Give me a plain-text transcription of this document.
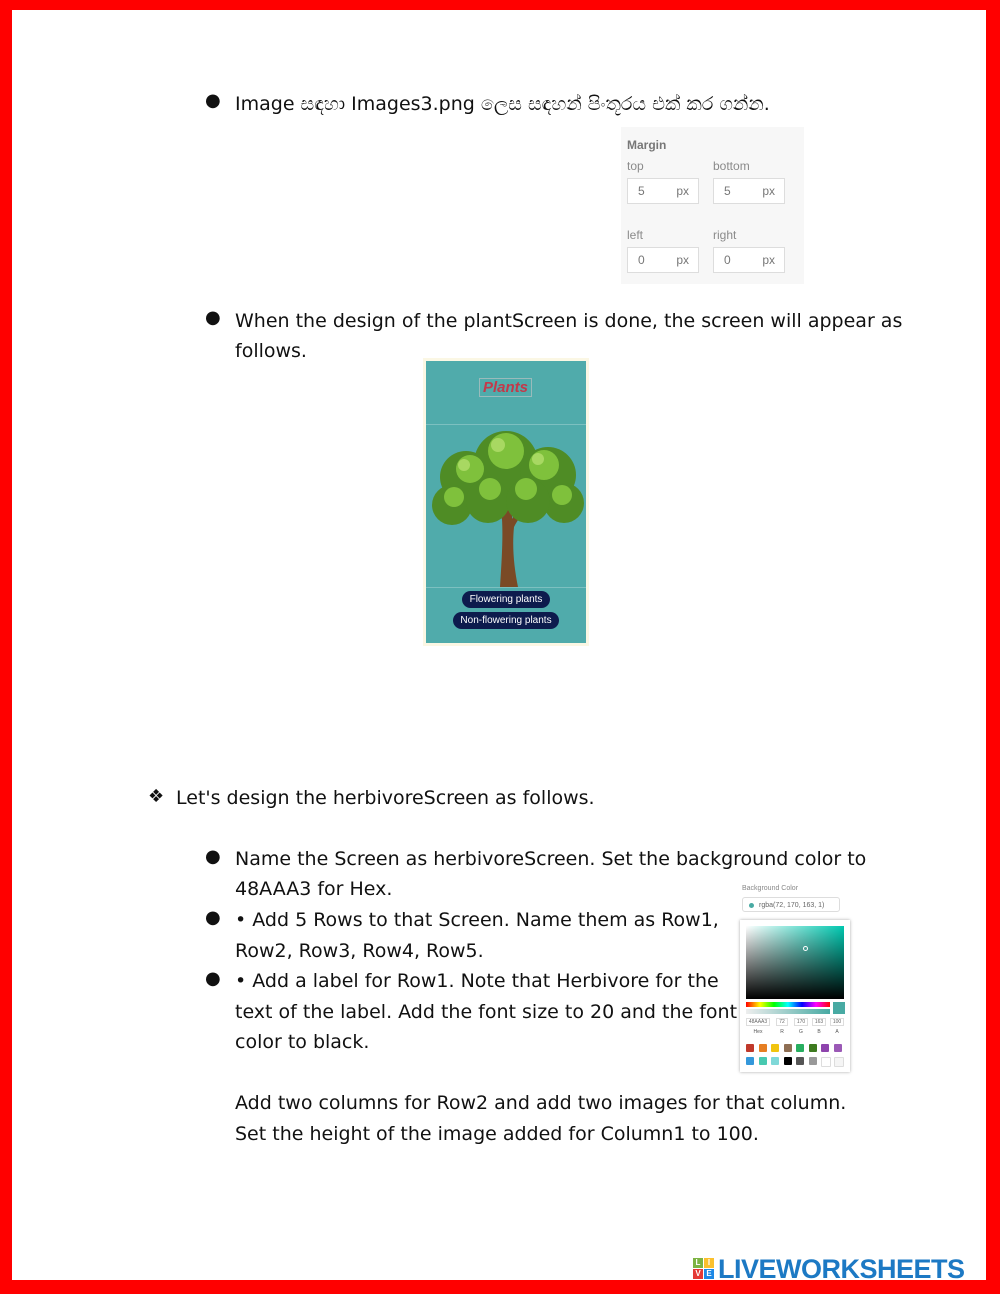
● Image සඳහා Images3.png ලෙස සඳහන් පිංතූරය එක් කර ගන්න.
Margin
top	bottom
5	px	5	px
left	right
0	px	0	px
● When the design of the plantScreen is done, the screen will appear as
follows.
Plants
Flowering plants
Non-flowering plants
❖ Let's design the herbivoreScreen as follows.
● Name the Screen as herbivoreScreen. Set the background color to
48AAA3 for Hex.
● • Add 5 Rows to that Screen. Name them as Row1,
Row2, Row3, Row4, Row5.
● • Add a label for Row1. Note that Herbivore for the
text of the label. Add the font size to 20 and the font
color to black.
Add two columns for Row2 and add two images for that column.
Set the height of the image added for Column1 to 100.
Background Color
rgba(72, 170, 163, 1)
48AAA3	72	170	163	100
Hex	R	G	B	A
L I
V E LIVEWORKSHEETS
